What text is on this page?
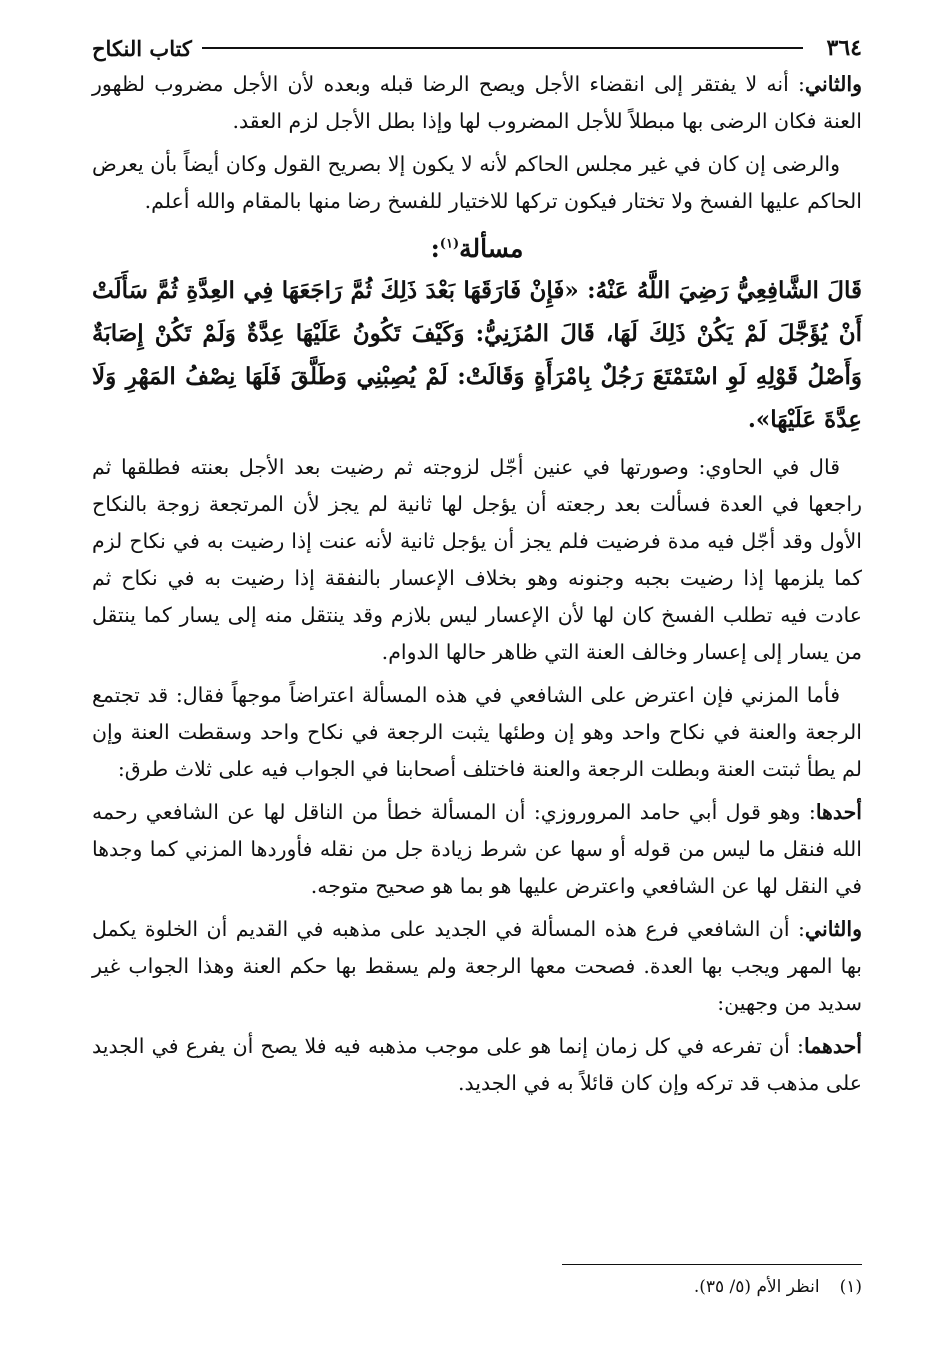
٣٦٤
كتاب النكاح

والثاني: أنه لا يفتقر إلى انقضاء الأجل ويصح الرضا قبله وبعده لأن الأجل مضروب لظهور العنة فكان الرضى بها مبطلاً للأجل المضروب لها وإذا بطل الأجل لزم العقد.

والرضى إن كان في غير مجلس الحاكم لأنه لا يكون إلا بصريح القول وكان أيضاً بأن يعرض الحاكم عليها الفسخ ولا تختار فيكون تركها للاختيار للفسخ رضا منها بالمقام والله أعلم.

مسألة$^{(١)}$:

قَالَ الشَّافِعِيُّ رَضِيَ اللَّهُ عَنْهُ: «فَإِنْ فَارَقَهَا بَعْدَ ذَلِكَ ثُمَّ رَاجَعَهَا فِي العِدَّةِ ثُمَّ سَأَلَتْ أَنْ يُؤَجَّلَ لَمْ يَكُنْ ذَلِكَ لَهَا، قَالَ المُزَنِيُّ: وَكَيْفَ تَكُونُ عَلَيْهَا عِدَّةٌ وَلَمْ تَكُنْ إِصَابَةٌ وَأَصْلُ قَوْلِهِ لَوِ اسْتَمْتَعَ رَجُلٌ بِامْرَأَةٍ وَقَالَتْ: لَمْ يُصِبْنِي وَطَلَّقَ فَلَهَا نِصْفُ المَهْرِ وَلَا عِدَّةَ عَلَيْهَا».

قال في الحاوي: وصورتها في عنين أجّل لزوجته ثم رضيت بعد الأجل بعنته فطلقها ثم راجعها في العدة فسألت بعد رجعته أن يؤجل لها ثانية لم يجز لأن المرتجعة زوجة بالنكاح الأول وقد أجّل فيه مدة فرضيت فلم يجز أن يؤجل ثانية لأنه عنت إذا رضيت به في نكاح لزم كما يلزمها إذا رضيت بجبه وجنونه وهو بخلاف الإعسار بالنفقة إذا رضيت به في نكاح ثم عادت فيه تطلب الفسخ كان لها لأن الإعسار ليس بلازم وقد ينتقل منه إلى يسار كما ينتقل من يسار إلى إعسار وخالف العنة التي ظاهر حالها الدوام.

فأما المزني فإن اعترض على الشافعي في هذه المسألة اعتراضاً موجهاً فقال: قد تجتمع الرجعة والعنة في نكاح واحد وهو إن وطئها يثبت الرجعة في نكاح واحد وسقطت العنة وإن لم يطأ ثبتت العنة وبطلت الرجعة والعنة فاختلف أصحابنا في الجواب فيه على ثلاث طرق:

أحدها: وهو قول أبي حامد المروروزي: أن المسألة خطأ من الناقل لها عن الشافعي رحمه الله فنقل ما ليس من قوله أو سها عن شرط زيادة جل من نقله فأوردها المزني كما وجدها في النقل لها عن الشافعي واعترض عليها هو بما هو صحيح متوجه.

والثاني: أن الشافعي فرع هذه المسألة في الجديد على مذهبه في القديم أن الخلوة يكمل بها المهر ويجب بها العدة. فصحت معها الرجعة ولم يسقط بها حكم العنة وهذا الجواب غير سديد من وجهين:

أحدهما: أن تفرعه في كل زمان إنما هو على موجب مذهبه فيه فلا يصح أن يفرع في الجديد على مذهب قد تركه وإن كان قائلاً به في الجديد.

(١)
انظر الأم (٥/ ٣٥).
